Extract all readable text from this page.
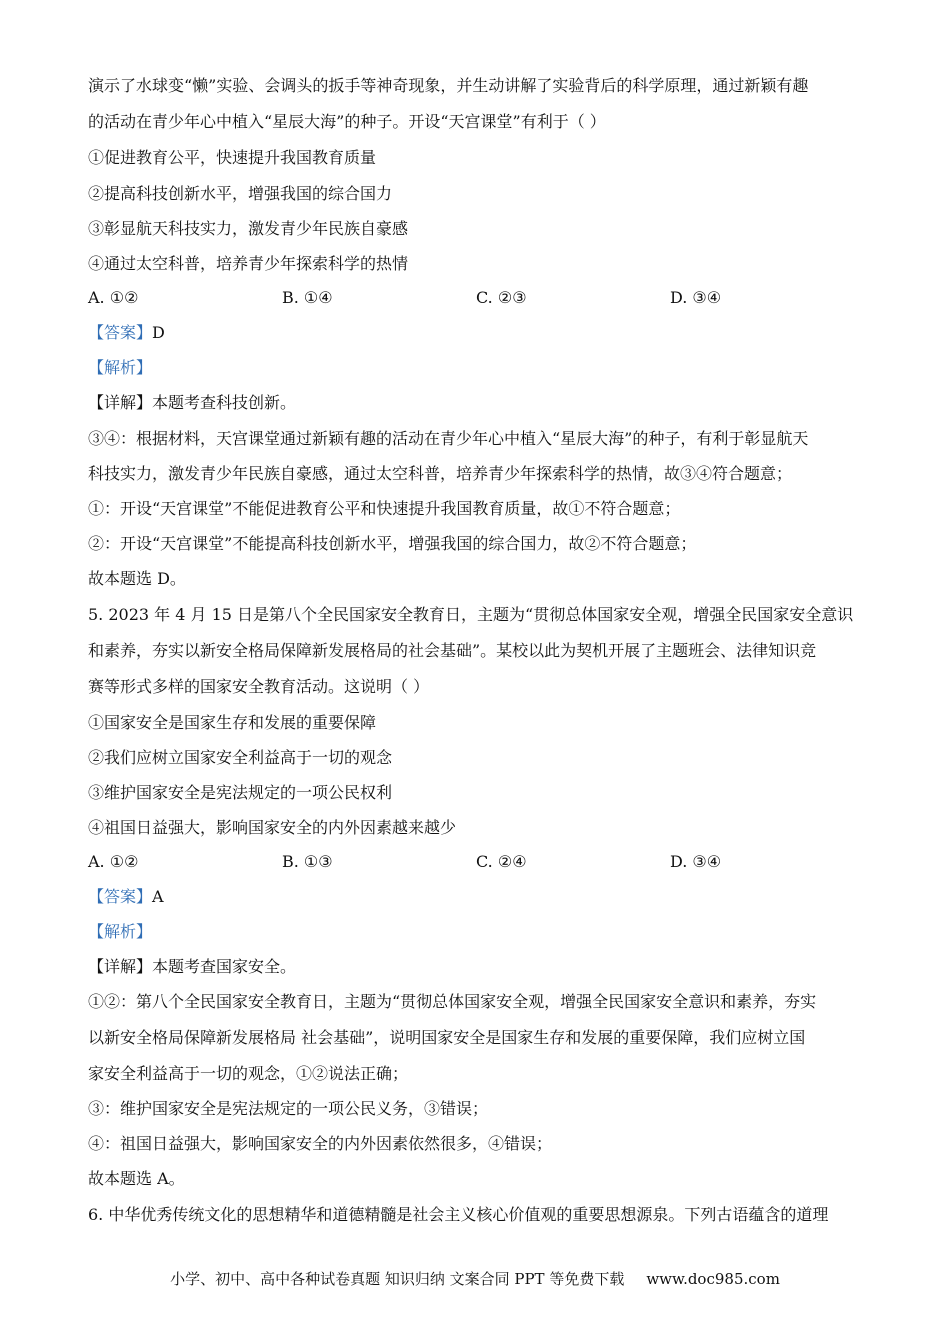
演示了水球变“懒”实验、会调头的扳手等神奇现象，并生动讲解了实验背后的科学原理，通过新颖有趣
的活动在青少年心中植入“星辰大海”的种子。开设“天宫课堂”有利于（ ）
①促进教育公平，快速提升我国教育质量
②提高科技创新水平，增强我国的综合国力
③彰显航天科技实力，激发青少年民族自豪感
④通过太空科普，培养青少年探索科学的热情
A. ①②	B. ①④	C. ②③	D. ③④
【答案】D
【解析】
【详解】本题考查科技创新。
③④：根据材料，天宫课堂通过新颖有趣的活动在青少年心中植入“星辰大海”的种子，有利于彰显航天
科技实力，激发青少年民族自豪感，通过太空科普，培养青少年探索科学的热情，故③④符合题意；
①：开设“天宫课堂”不能促进教育公平和快速提升我国教育质量，故①不符合题意；
②：开设“天宫课堂”不能提高科技创新水平，增强我国的综合国力，故②不符合题意；
故本题选 D。
5. 2023 年 4 月 15 日是第八个全民国家安全教育日，主题为“贯彻总体国家安全观，增强全民国家安全意识
和素养，夯实以新安全格局保障新发展格局的社会基础”。某校以此为契机开展了主题班会、法律知识竞
赛等形式多样的国家安全教育活动。这说明（ ）
①国家安全是国家生存和发展的重要保障
②我们应树立国家安全利益高于一切的观念
③维护国家安全是宪法规定的一项公民权利
④祖国日益强大，影响国家安全的内外因素越来越少
A. ①②	B. ①③	C. ②④	D. ③④
【答案】A
【解析】
【详解】本题考查国家安全。
①②：第八个全民国家安全教育日，主题为“贯彻总体国家安全观，增强全民国家安全意识和素养，夯实
以新安全格局保障新发展格局 社会基础”，说明国家安全是国家生存和发展的重要保障，我们应树立国
家安全利益高于一切的观念，①②说法正确；
③：维护国家安全是宪法规定的一项公民义务，③错误；
④：祖国日益强大，影响国家安全的内外因素依然很多，④错误；
故本题选 A。
6. 中华优秀传统文化的思想精华和道德精髓是社会主义核心价值观的重要思想源泉。下列古语蕴含的道理
小学、初中、高中各种试卷真题 知识归纳 文案合同 PPT 等免费下载 www.doc985.com
